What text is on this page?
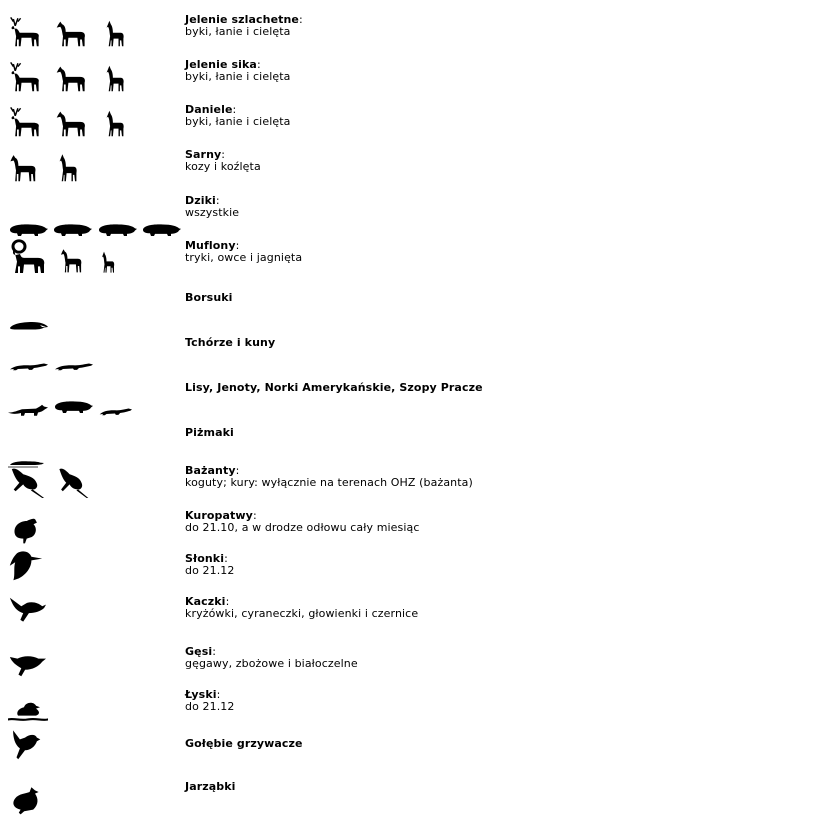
Jelenie szlachetne:
byki, łanie i cielęta
Jelenie sika:
byki, łanie i cielęta
Daniele:
byki, łanie i cielęta
Sarny:
kozy i koźlęta
Dziki:
wszystkie
Muflony:
tryki, owce i jagnięta
Borsuki
Tchórze i kuny
Lisy, Jenoty, Norki Amerykańskie, Szopy Pracze
Piżmaki
Bażanty:
koguty; kury: wyłącznie na terenach OHZ (bażanta)
Kuropatwy:
do 21.10, a w drodze odłowu cały miesiąc
Słonki:
do 21.12
Kaczki:
kryżówki, cyraneczki, głowienki i czernice
Gęsi:
gęgawy, zbożowe i białoczelne
Łyski:
do 21.12
Gołębie grzywacze
Jarząbki
